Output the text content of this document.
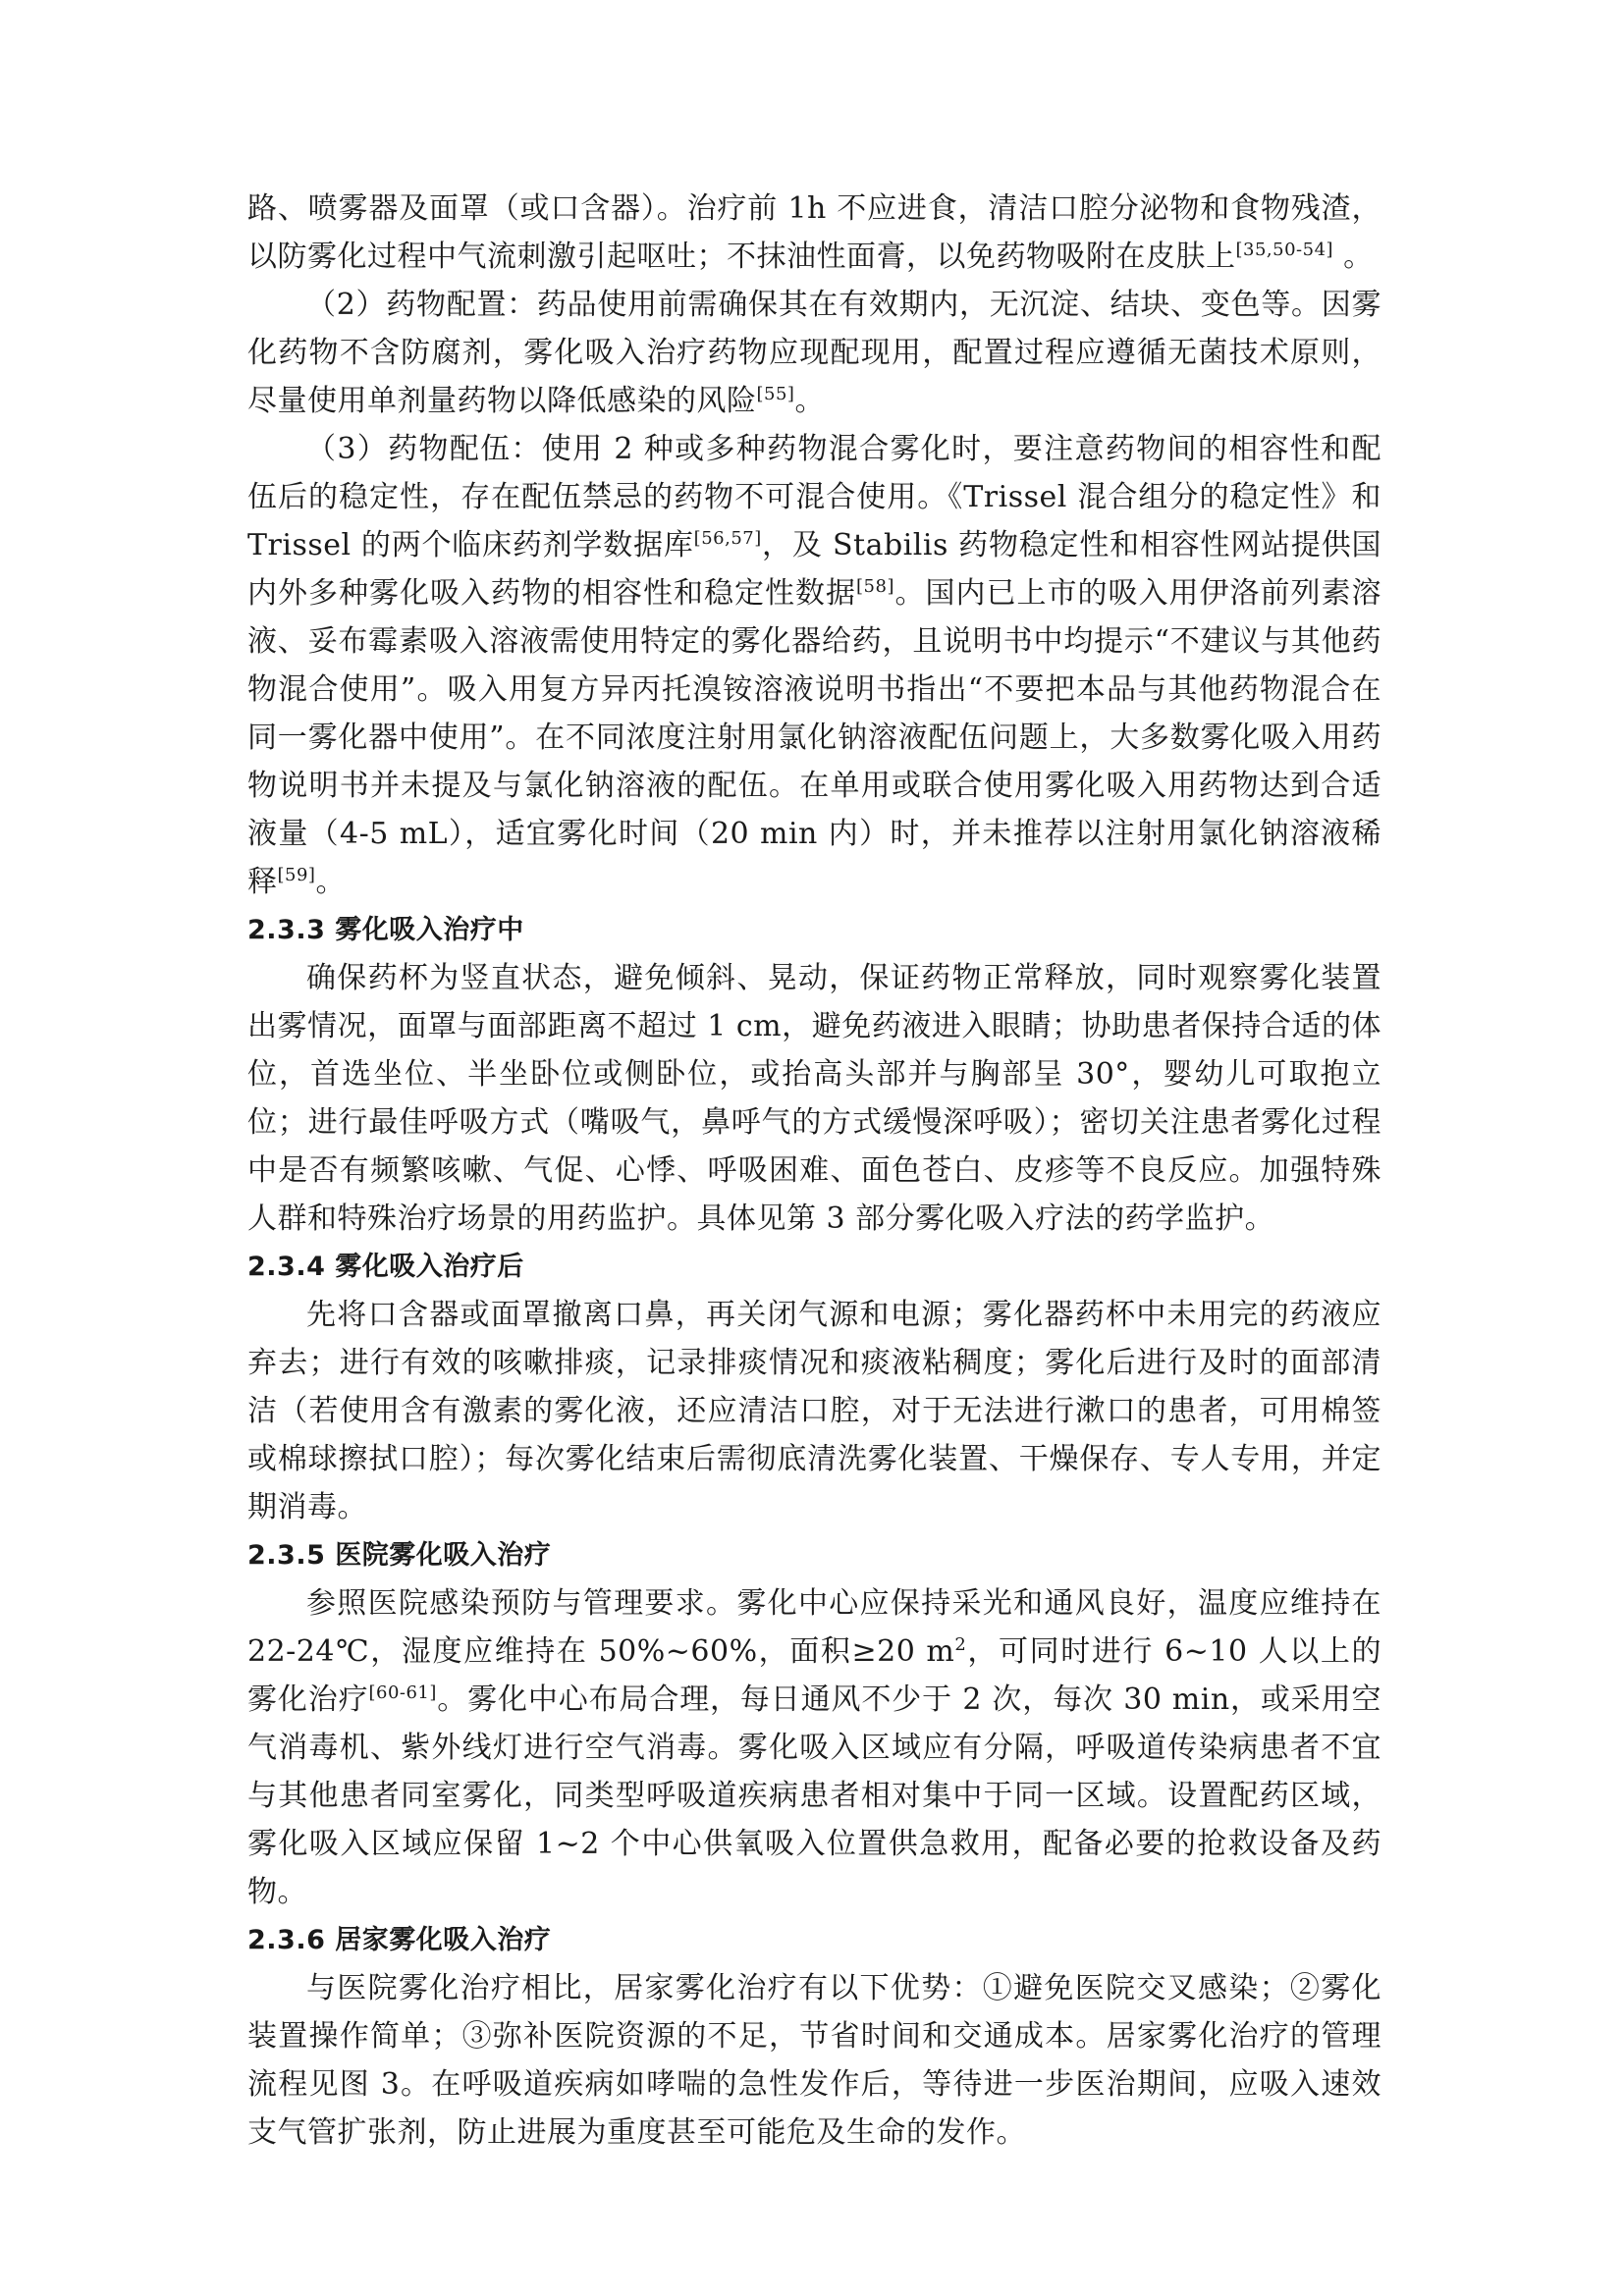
路、喷雾器及面罩（或口含器）。治疗前 1h 不应进食，清洁口腔分泌物和食物残渣，以防雾化过程中气流刺激引起呕吐；不抹油性面膏，以免药物吸附在皮肤上[35,50-54] 。

（2）药物配置：药品使用前需确保其在有效期内，无沉淀、结块、变色等。因雾化药物不含防腐剂，雾化吸入治疗药物应现配现用，配置过程应遵循无菌技术原则，尽量使用单剂量药物以降低感染的风险[55]。

（3）药物配伍：使用 2 种或多种药物混合雾化时，要注意药物间的相容性和配伍后的稳定性，存在配伍禁忌的药物不可混合使用。《Trissel 混合组分的稳定性》和 Trissel 的两个临床药剂学数据库[56,57]，及 Stabilis 药物稳定性和相容性网站提供国内外多种雾化吸入药物的相容性和稳定性数据[58]。国内已上市的吸入用伊洛前列素溶液、妥布霉素吸入溶液需使用特定的雾化器给药，且说明书中均提示“不建议与其他药物混合使用”。吸入用复方异丙托溴铵溶液说明书指出“不要把本品与其他药物混合在同一雾化器中使用”。在不同浓度注射用氯化钠溶液配伍问题上，大多数雾化吸入用药物说明书并未提及与氯化钠溶液的配伍。在单用或联合使用雾化吸入用药物达到合适液量（4-5 mL），适宜雾化时间（20 min 内）时，并未推荐以注射用氯化钠溶液稀释[59]。

2.3.3 雾化吸入治疗中

确保药杯为竖直状态，避免倾斜、晃动，保证药物正常释放，同时观察雾化装置出雾情况，面罩与面部距离不超过 1 cm，避免药液进入眼睛；协助患者保持合适的体位，首选坐位、半坐卧位或侧卧位，或抬高头部并与胸部呈 30°，婴幼儿可取抱立位；进行最佳呼吸方式（嘴吸气，鼻呼气的方式缓慢深呼吸）；密切关注患者雾化过程中是否有频繁咳嗽、气促、心悸、呼吸困难、面色苍白、皮疹等不良反应。加强特殊人群和特殊治疗场景的用药监护。具体见第 3 部分雾化吸入疗法的药学监护。

2.3.4 雾化吸入治疗后

先将口含器或面罩撤离口鼻，再关闭气源和电源；雾化器药杯中未用完的药液应弃去；进行有效的咳嗽排痰，记录排痰情况和痰液粘稠度；雾化后进行及时的面部清洁（若使用含有激素的雾化液，还应清洁口腔，对于无法进行漱口的患者，可用棉签或棉球擦拭口腔）；每次雾化结束后需彻底清洗雾化装置、干燥保存、专人专用，并定期消毒。

2.3.5 医院雾化吸入治疗

参照医院感染预防与管理要求。雾化中心应保持采光和通风良好，温度应维持在 22-24℃，湿度应维持在 50%~60%，面积≥20 $m^2$，可同时进行 6~10 人以上的雾化治疗[60-61]。雾化中心布局合理，每日通风不少于 2 次，每次 30 min，或采用空气消毒机、紫外线灯进行空气消毒。雾化吸入区域应有分隔，呼吸道传染病患者不宜与其他患者同室雾化，同类型呼吸道疾病患者相对集中于同一区域。设置配药区域，雾化吸入区域应保留 1~2 个中心供氧吸入位置供急救用，配备必要的抢救设备及药物。

2.3.6 居家雾化吸入治疗

与医院雾化治疗相比，居家雾化治疗有以下优势：①避免医院交叉感染；②雾化装置操作简单；③弥补医院资源的不足，节省时间和交通成本。居家雾化治疗的管理流程见图 3。在呼吸道疾病如哮喘的急性发作后，等待进一步医治期间，应吸入速效支气管扩张剂，防止进展为重度甚至可能危及生命的发作。
